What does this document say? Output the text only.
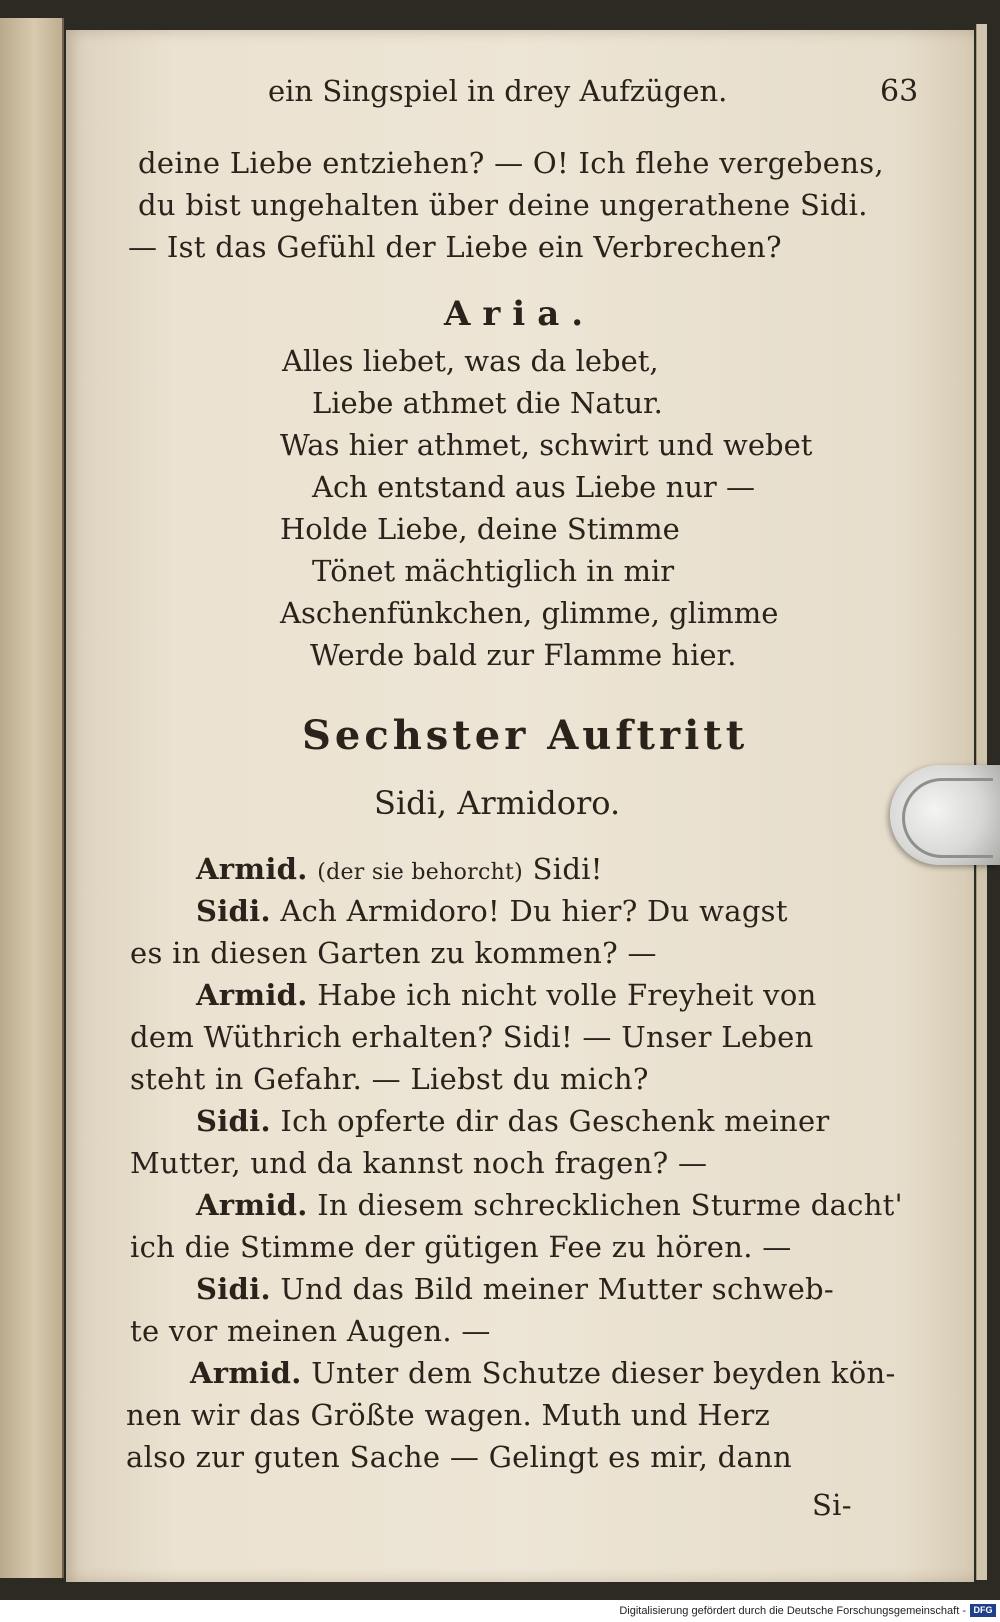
ein Singspiel in drey Aufzügen.	63
deine Liebe entziehen? — O! Ich flehe vergebens,
du bist ungehalten über deine ungerathene Sidi.
— Ist das Gefühl der Liebe ein Verbrechen?
Aria.
Alles liebet, was da lebet,
Liebe athmet die Natur.
Was hier athmet, schwirt und webet
Ach entstand aus Liebe nur —
Holde Liebe, deine Stimme
Tönet mächtiglich in mir
Aschenfünkchen, glimme, glimme
Werde bald zur Flamme hier.
Sechster Auftritt
Sidi, Armidoro.
Armid. (der sie behorcht) Sidi!
Sidi. Ach Armidoro! Du hier? Du wagst
es in diesen Garten zu kommen? —
Armid. Habe ich nicht volle Freyheit von
dem Wüthrich erhalten? Sidi! — Unser Leben
steht in Gefahr. — Liebst du mich?
Sidi. Ich opferte dir das Geschenk meiner
Mutter, und da kannst noch fragen? —
Armid. In diesem schrecklichen Sturme dacht'
ich die Stimme der gütigen Fee zu hören. —
Sidi. Und das Bild meiner Mutter schweb-
te vor meinen Augen. —
Armid. Unter dem Schutze dieser beyden kön-
nen wir das Größte wagen. Muth und Herz
also zur guten Sache — Gelingt es mir, dann
Si-
Digitalisierung gefördert durch die Deutsche Forschungsgemeinschaft - DFG
